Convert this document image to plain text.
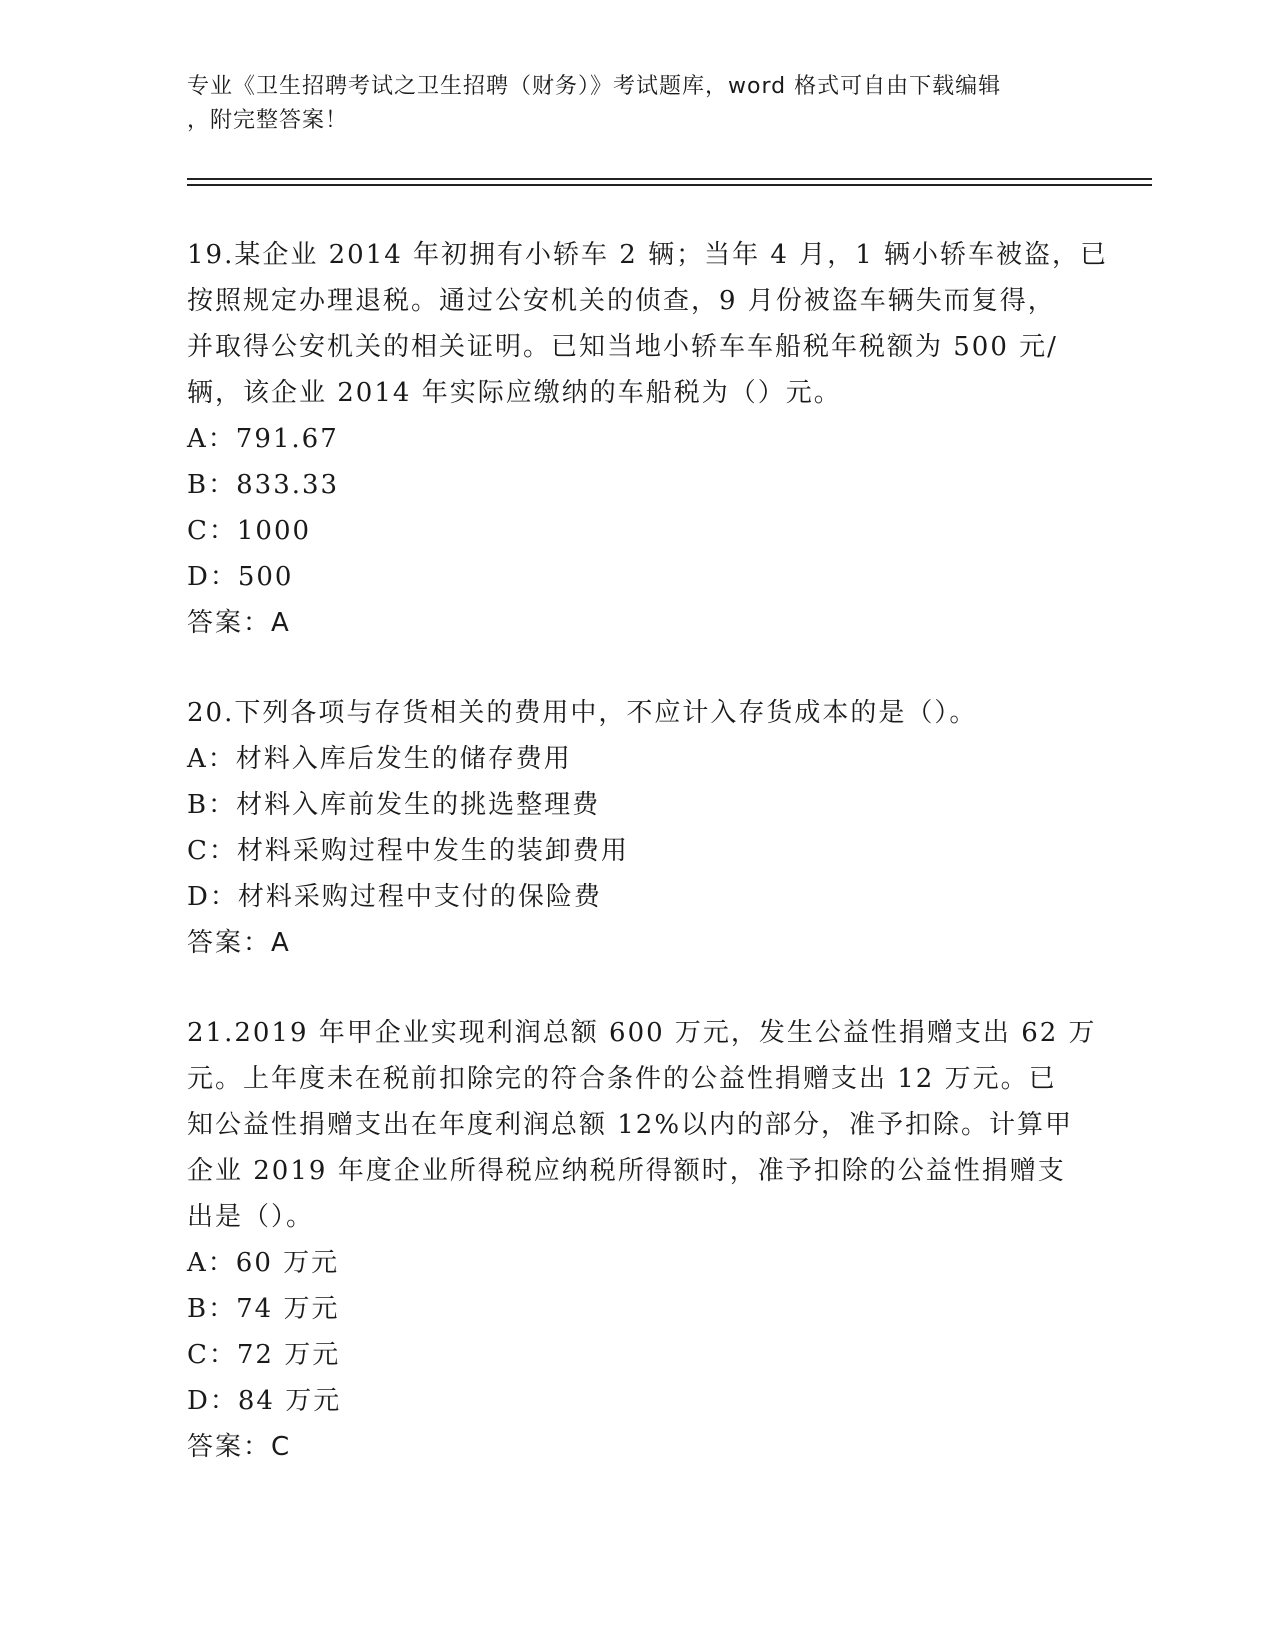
专业《卫生招聘考试之卫生招聘（财务）》考试题库，word 格式可自由下载编辑
，附完整答案！
19.某企业 2014 年初拥有小轿车 2 辆；当年 4 月，1 辆小轿车被盗，已
按照规定办理退税。通过公安机关的侦查，9 月份被盗车辆失而复得，
并取得公安机关的相关证明。已知当地小轿车车船税年税额为 500 元/
辆，该企业 2014 年实际应缴纳的车船税为（）元。
A：791.67
B：833.33
C：1000
D：500
答案：A
20.下列各项与存货相关的费用中，不应计入存货成本的是（）。
A：材料入库后发生的储存费用
B：材料入库前发生的挑选整理费
C：材料采购过程中发生的装卸费用
D：材料采购过程中支付的保险费
答案：A
21.2019 年甲企业实现利润总额 600 万元，发生公益性捐赠支出 62 万
元。上年度未在税前扣除完的符合条件的公益性捐赠支出 12 万元。已
知公益性捐赠支出在年度利润总额 12%以内的部分，准予扣除。计算甲
企业 2019 年度企业所得税应纳税所得额时，准予扣除的公益性捐赠支
出是（）。
A：60 万元
B：74 万元
C：72 万元
D：84 万元
答案：C
